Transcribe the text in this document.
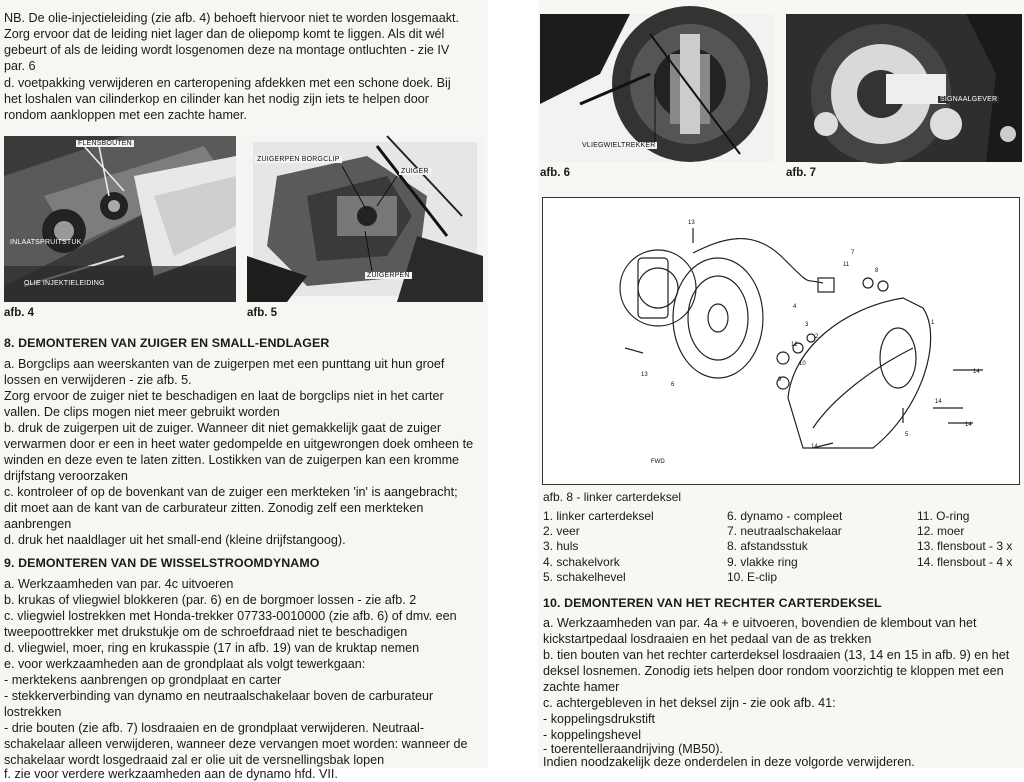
NB. De olie-injectieleiding (zie afb. 4) behoeft hiervoor niet te worden losgemaakt.
Zorg ervoor dat de leiding niet lager dan de oliepomp komt te liggen. Als dit wél
gebeurt of als de leiding wordt losgenomen deze na montage ontluchten - zie IV
par. 6
d. voetpakking verwijderen en carteropening afdekken met een schone doek. Bij
het loshalen van cilinderkop en cilinder kan het nodig zijn iets te helpen door
rondom aankloppen met een zachte hamer.
FLENSBOUTEN
INLAATSPRUITSTUK
OLIE INJEKTIELEIDING
afb. 4
ZUIGERPEN BORGCLIP
ZUIGER
ZUIGERPEN
afb. 5
8. DEMONTEREN VAN ZUIGER EN SMALL-ENDLAGER
a. Borgclips aan weerskanten van de zuigerpen met een punttang uit hun groef
lossen en verwijderen - zie afb. 5.
Zorg ervoor de zuiger niet te beschadigen en laat de borgclips niet in het carter
vallen. De clips mogen niet meer gebruikt worden
b. druk de zuigerpen uit de zuiger. Wanneer dit niet gemakkelijk gaat de zuiger
verwarmen door er een in heet water gedompelde en uitgewrongen doek omheen te
winden en deze even te laten zitten. Lostikken van de zuigerpen kan een kromme
drijfstang veroorzaken
c. kontroleer of op de bovenkant van de zuiger een merkteken 'in' is aangebracht;
dit moet aan de kant van de carburateur zitten. Zonodig zelf een merkteken
aanbrengen
d. druk het naaldlager uit het small-end (kleine drijfstangoog).
9. DEMONTEREN VAN DE WISSELSTROOMDYNAMO
a. Werkzaamheden van par. 4c uitvoeren
b. krukas of vliegwiel blokkeren (par. 6) en de borgmoer lossen - zie afb. 2
c. vliegwiel lostrekken met Honda-trekker 07733-0010000 (zie afb. 6) of dmv. een
tweepoottrekker met drukstukje om de schroefdraad niet te beschadigen
d. vliegwiel, moer, ring en krukasspie (17 in afb. 19) van de kruktap nemen
e. voor werkzaamheden aan de grondplaat als volgt tewerkgaan:
- merktekens aanbrengen op grondplaat en carter
- stekkerverbinding van dynamo en neutraalschakelaar boven de carburateur
lostrekken
- drie bouten (zie afb. 7) losdraaien en de grondplaat verwijderen. Neutraal-
schakelaar alleen verwijderen, wanneer deze vervangen moet worden: wanneer de
schakelaar wordt losgedraaid zal er olie uit de versnellingsbak lopen
f. zie voor verdere werkzaamheden aan de dynamo hfd. VII.
VLIEGWIELTREKKER
afb. 6
SIGNAALGEVER
afb. 7
13
11
8
7
1
4
3
2
12
9
10
13
6
14
14
14
5
14
FWD
afb. 8 - linker carterdeksel
1. linker carterdeksel
2. veer
3. huls
4. schakelvork
5. schakelhevel
6. dynamo - compleet
7. neutraalschakelaar
8. afstandsstuk
9. vlakke ring
10. E-clip
11. O-ring
12. moer
13. flensbout - 3 x
14. flensbout - 4 x
10. DEMONTEREN VAN HET RECHTER CARTERDEKSEL
a. Werkzaamheden van par. 4a + e uitvoeren, bovendien de klembout van het
kickstartpedaal losdraaien en het pedaal van de as trekken
b. tien bouten van het rechter carterdeksel losdraaien (13, 14 en 15 in afb. 9) en het
deksel losnemen. Zonodig iets helpen door rondom voorzichtig te kloppen met een
zachte hamer
c. achtergebleven in het deksel zijn - zie ook afb. 41:
- koppelingsdrukstift
- koppelingshevel
- toerentelleraandrijving (MB50).
Indien noodzakelijk deze onderdelen in deze volgorde verwijderen.
